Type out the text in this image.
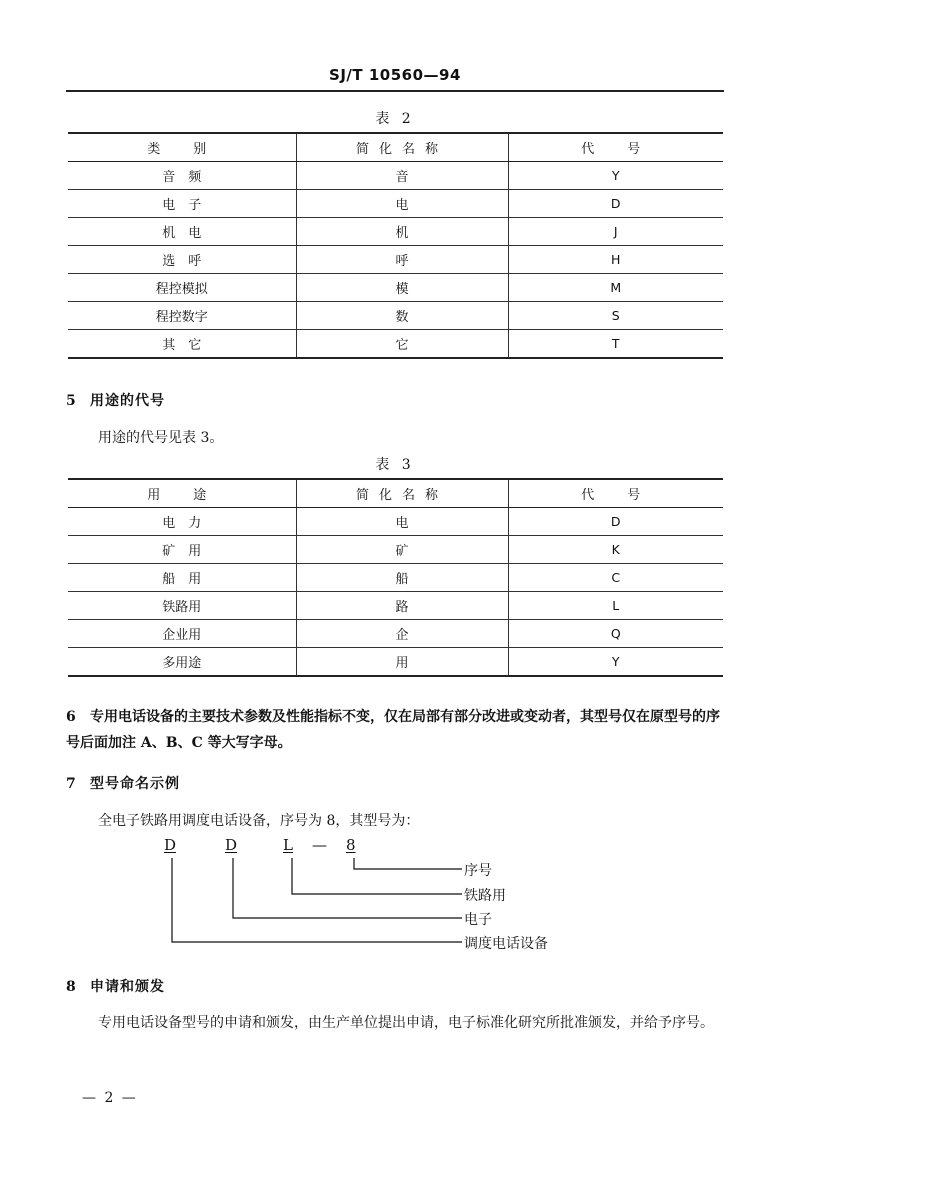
SJ/T 10560—94
表 2
类　别	简化名称	代　号
音　频	音	Y
电　子	电	D
机　电	机	J
选　呼	呼	H
程控模拟	模	M
程控数字	数	S
其　它	它	T
5 用途的代号
用途的代号见表 3。
表 3
用　途	简化名称	代　号
电　力	电	D
矿　用	矿	K
船　用	船	C
铁路用	路	L
企业用	企	Q
多用途	用	Y
6 专用电话设备的主要技术参数及性能指标不变，仅在局部有部分改进或变动者，其型号仅在原型号的序号后面加注 A、B、C 等大写字母。
7 型号命名示例
全电子铁路用调度电话设备，序号为 8，其型号为：
D	D	L — 8
序号
铁路用
电子
调度电话设备
8 申请和颁发
专用电话设备型号的申请和颁发，由生产单位提出申请，电子标准化研究所批准颁发，并给予序号。
— 2 —
